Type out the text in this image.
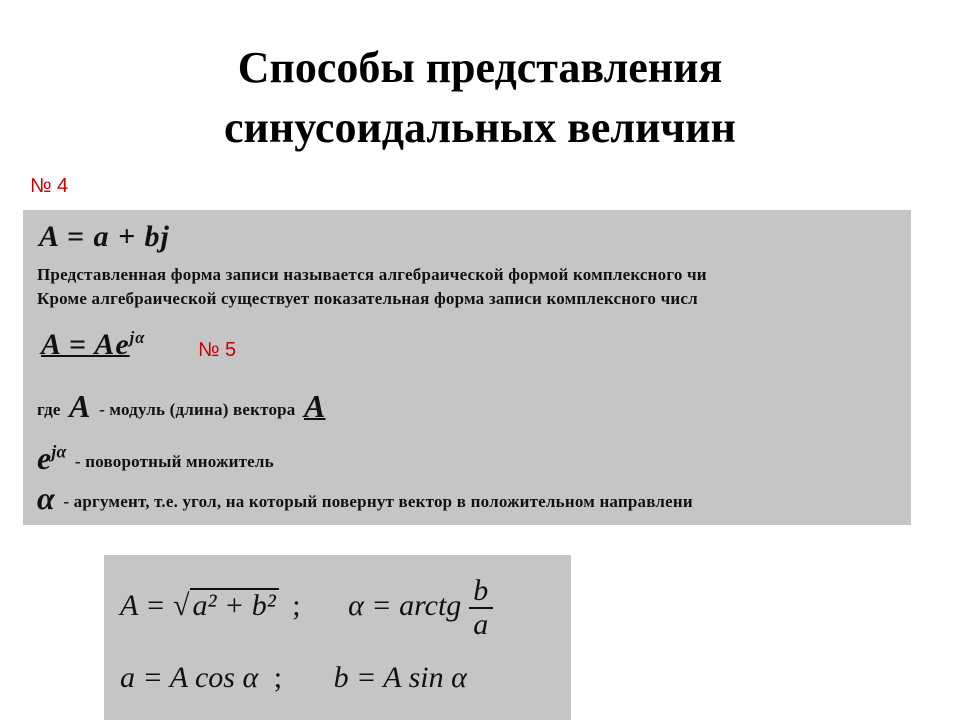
Способы представления
синусоидальных величин
№ 4
A = a + bj
Представленная форма записи называется алгебраической формой комплексного чи
Кроме алгебраической существует показательная форма записи комплексного числ
$A = Ae^{j\alpha}$
где A - модуль (длина) вектора A
$e^{j\alpha}$ - поворотный множитель
α - аргумент, т.е. угол, на который повернут вектор в положительном направлени
№ 5
A = √ a² + b² ; α = arctg $\frac{b}{a}$
a = A cos α ; b = A sin α
